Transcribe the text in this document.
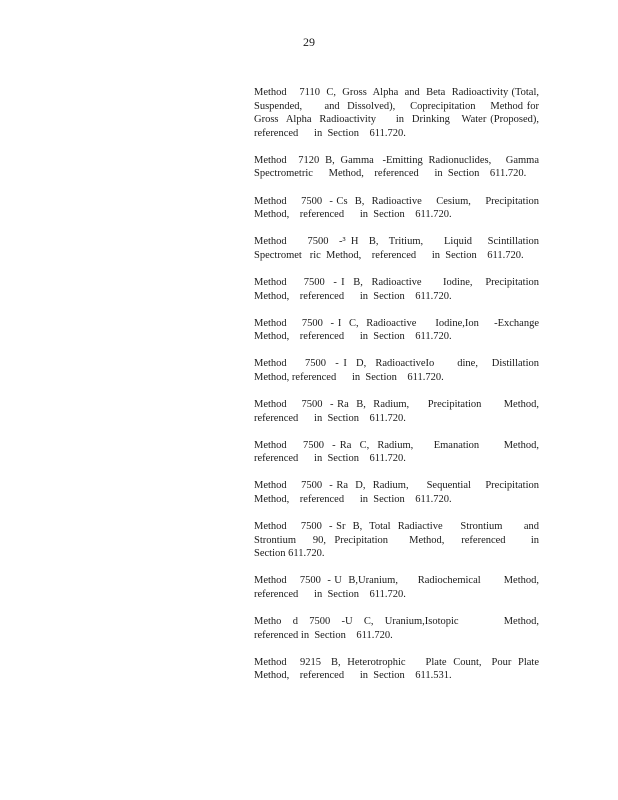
29

Method    7110  C,  Gross  Alpha  and  Beta  Radioactivity (Total,  Suspended,      and  Dissolved),    Coprecipitation    Method for  Gross  Alpha  Radioactivity     in  Drinking   Water (Proposed),     referenced      in  Section    611.720.

Method    7120  B,  Gamma   -Emitting  Radionuclides,     Gamma Spectrometric      Method,    referenced      in  Section    611.720.

Method    7500  - Cs  B,  Radioactive    Cesium,    Precipitation Method,    referenced      in  Section    611.720.

Method    7500  -³ H  B,  Tritium,    Liquid   Scintillation Spectromet   ric  Method,    referenced      in  Section    611.720.

Method    7500  - I  B,  Radioactive     Iodine,   Precipitation Method,    referenced      in  Section    611.720.

Method    7500  - I  C,  Radioactive     Iodine,Ion    -Exchange Method,    referenced      in  Section    611.720.

Method    7500  - I  D,  RadioactiveIo     dine,   Distillation   Method, referenced      in  Section    611.720.

Method    7500  - Ra  B,  Radium,     Precipitation      Method, referenced      in  Section    611.720.

Method    7500  - Ra  C,  Radium,     Emanation      Method, referenced      in  Section    611.720.

Method    7500  - Ra  D,  Radium,     Sequential    Precipitation Method,    referenced      in  Section    611.720.

Method    7500  - Sr  B,  Total  Radiactive     Strontium      and Strontium    90,  Precipitation     Method,    referenced      in  Section 611.720.

Method    7500  - U  B,Uranium,      Radiochemical       Method, referenced      in  Section    611.720.

Metho  d  7500  -U  C,  Uranium,Isotopic        Method,     referenced in  Section    611.720.

Method    9215   B,  Heterotrophic      Plate  Count,   Pour  Plate Method,    referenced      in  Section    611.531.
